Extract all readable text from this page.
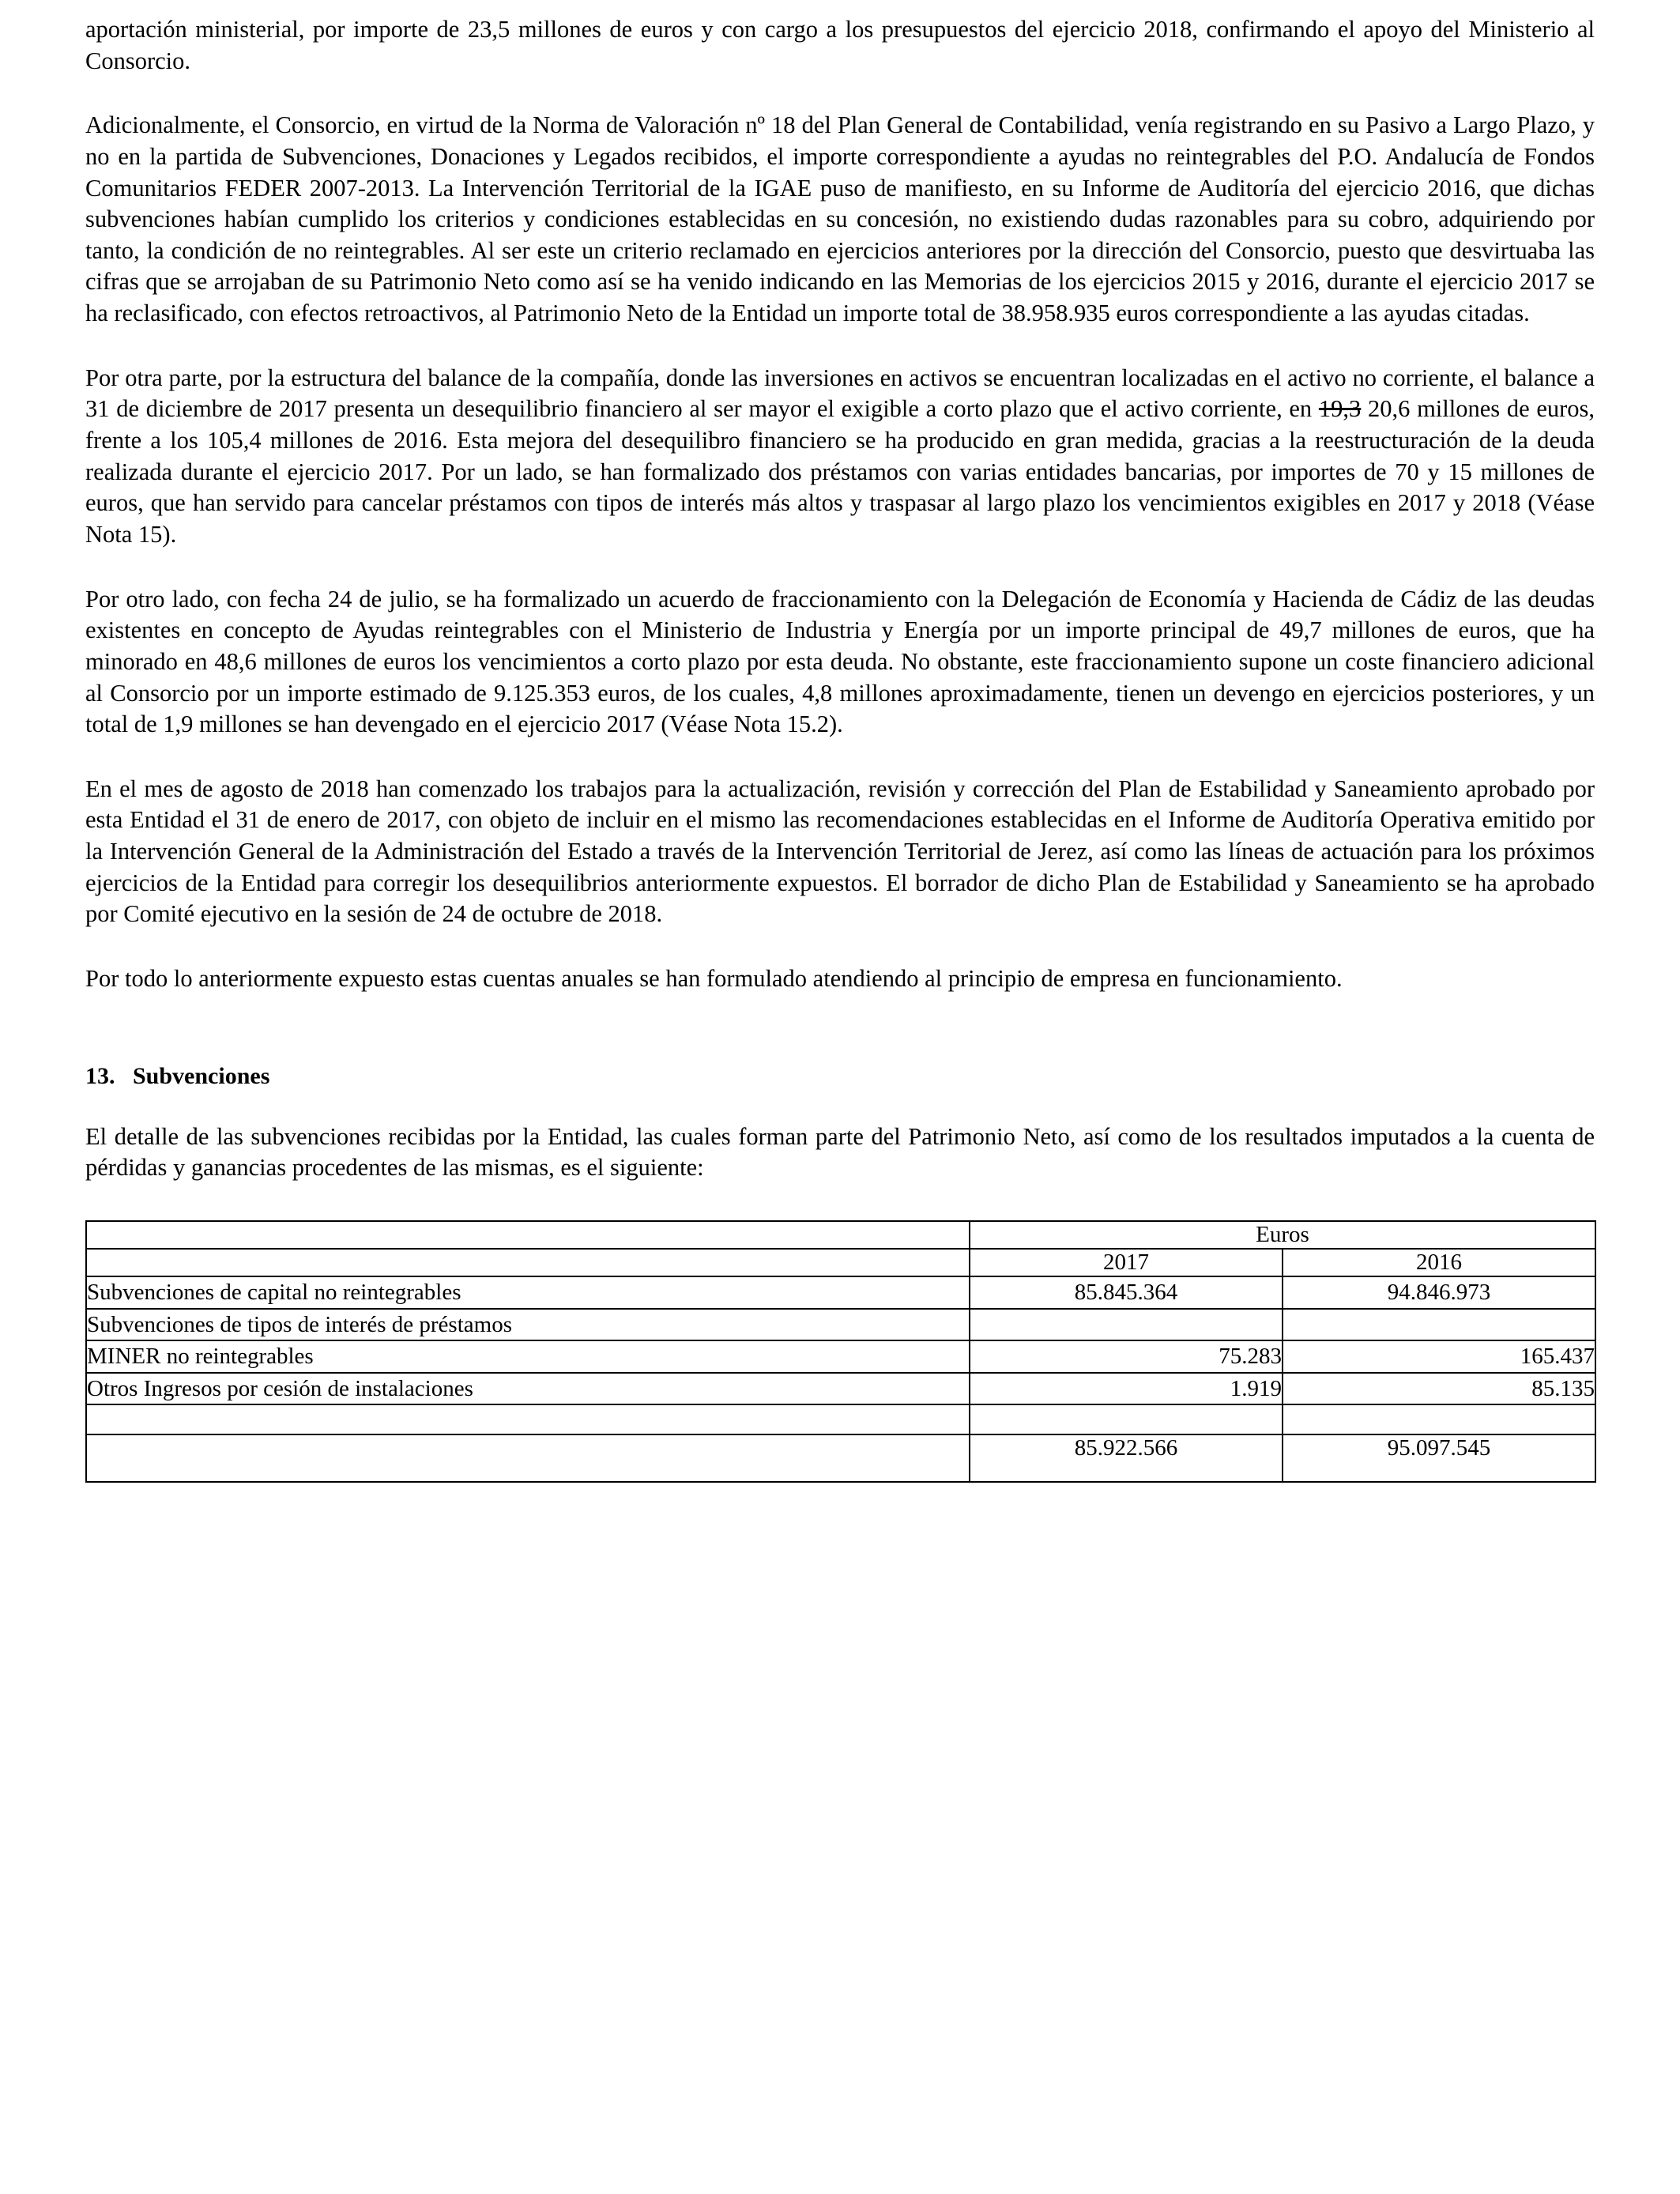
aportación ministerial, por importe de 23,5 millones de euros y con cargo a los presupuestos del ejercicio 2018, confirmando el apoyo del Ministerio al Consorcio.

Adicionalmente, el Consorcio, en virtud de la Norma de Valoración nº 18 del Plan General de Contabilidad, venía registrando en su Pasivo a Largo Plazo, y no en la partida de Subvenciones, Donaciones y Legados recibidos, el importe correspondiente a ayudas no reintegrables del P.O. Andalucía de Fondos Comunitarios FEDER 2007-2013. La Intervención Territorial de la IGAE puso de manifiesto, en su Informe de Auditoría del ejercicio 2016, que dichas subvenciones habían cumplido los criterios y condiciones establecidas en su concesión, no existiendo dudas razonables para su cobro, adquiriendo por tanto, la condición de no reintegrables. Al ser este un criterio reclamado en ejercicios anteriores por la dirección del Consorcio, puesto que desvirtuaba las cifras que se arrojaban de su Patrimonio Neto como así se ha venido indicando en las Memorias de los ejercicios 2015 y 2016, durante el ejercicio 2017 se ha reclasificado, con efectos retroactivos, al Patrimonio Neto de la Entidad un importe total de 38.958.935 euros correspondiente a las ayudas citadas.

Por otra parte, por la estructura del balance de la compañía, donde las inversiones en activos se encuentran localizadas en el activo no corriente, el balance a 31 de diciembre de 2017 presenta un desequilibrio financiero al ser mayor el exigible a corto plazo que el activo corriente, en 19,3 20,6 millones de euros, frente a los 105,4 millones de 2016. Esta mejora del desequilibro financiero se ha producido en gran medida, gracias a la reestructuración de la deuda realizada durante el ejercicio 2017. Por un lado, se han formalizado dos préstamos con varias entidades bancarias, por importes de 70 y 15 millones de euros, que han servido para cancelar préstamos con tipos de interés más altos y traspasar al largo plazo los vencimientos exigibles en 2017 y 2018 (Véase Nota 15).

Por otro lado, con fecha 24 de julio, se ha formalizado un acuerdo de fraccionamiento con la Delegación de Economía y Hacienda de Cádiz de las deudas existentes en concepto de Ayudas reintegrables con el Ministerio de Industria y Energía por un importe principal de 49,7 millones de euros, que ha minorado en 48,6 millones de euros los vencimientos a corto plazo por esta deuda. No obstante, este fraccionamiento supone un coste financiero adicional al Consorcio por un importe estimado de 9.125.353 euros, de los cuales, 4,8 millones aproximadamente, tienen un devengo en ejercicios posteriores, y un total de 1,9 millones se han devengado en el ejercicio 2017 (Véase Nota 15.2).

En el mes de agosto de 2018 han comenzado los trabajos para la actualización, revisión y corrección del Plan de Estabilidad y Saneamiento aprobado por esta Entidad el 31 de enero de 2017, con objeto de incluir en el mismo las recomendaciones establecidas en el Informe de Auditoría Operativa emitido por la Intervención General de la Administración del Estado a través de la Intervención Territorial de Jerez, así como las líneas de actuación para los próximos ejercicios de la Entidad para corregir los desequilibrios anteriormente expuestos. El borrador de dicho Plan de Estabilidad y Saneamiento se ha aprobado por Comité ejecutivo en la sesión de 24 de octubre de 2018.

Por todo lo anteriormente expuesto estas cuentas anuales se han formulado atendiendo al principio de empresa en funcionamiento.

13. Subvenciones

El detalle de las subvenciones recibidas por la Entidad, las cuales forman parte del Patrimonio Neto, así como de los resultados imputados a la cuenta de pérdidas y ganancias procedentes de las mismas, es el siguiente:

	Euros	
	2017	2016
Subvenciones de capital no reintegrables	85.845.364	94.846.973
Subvenciones de tipos de interés de préstamos		
MINER no reintegrables	75.283	165.437
Otros Ingresos por cesión de instalaciones	1.919	85.135

	85.922.566	95.097.545
